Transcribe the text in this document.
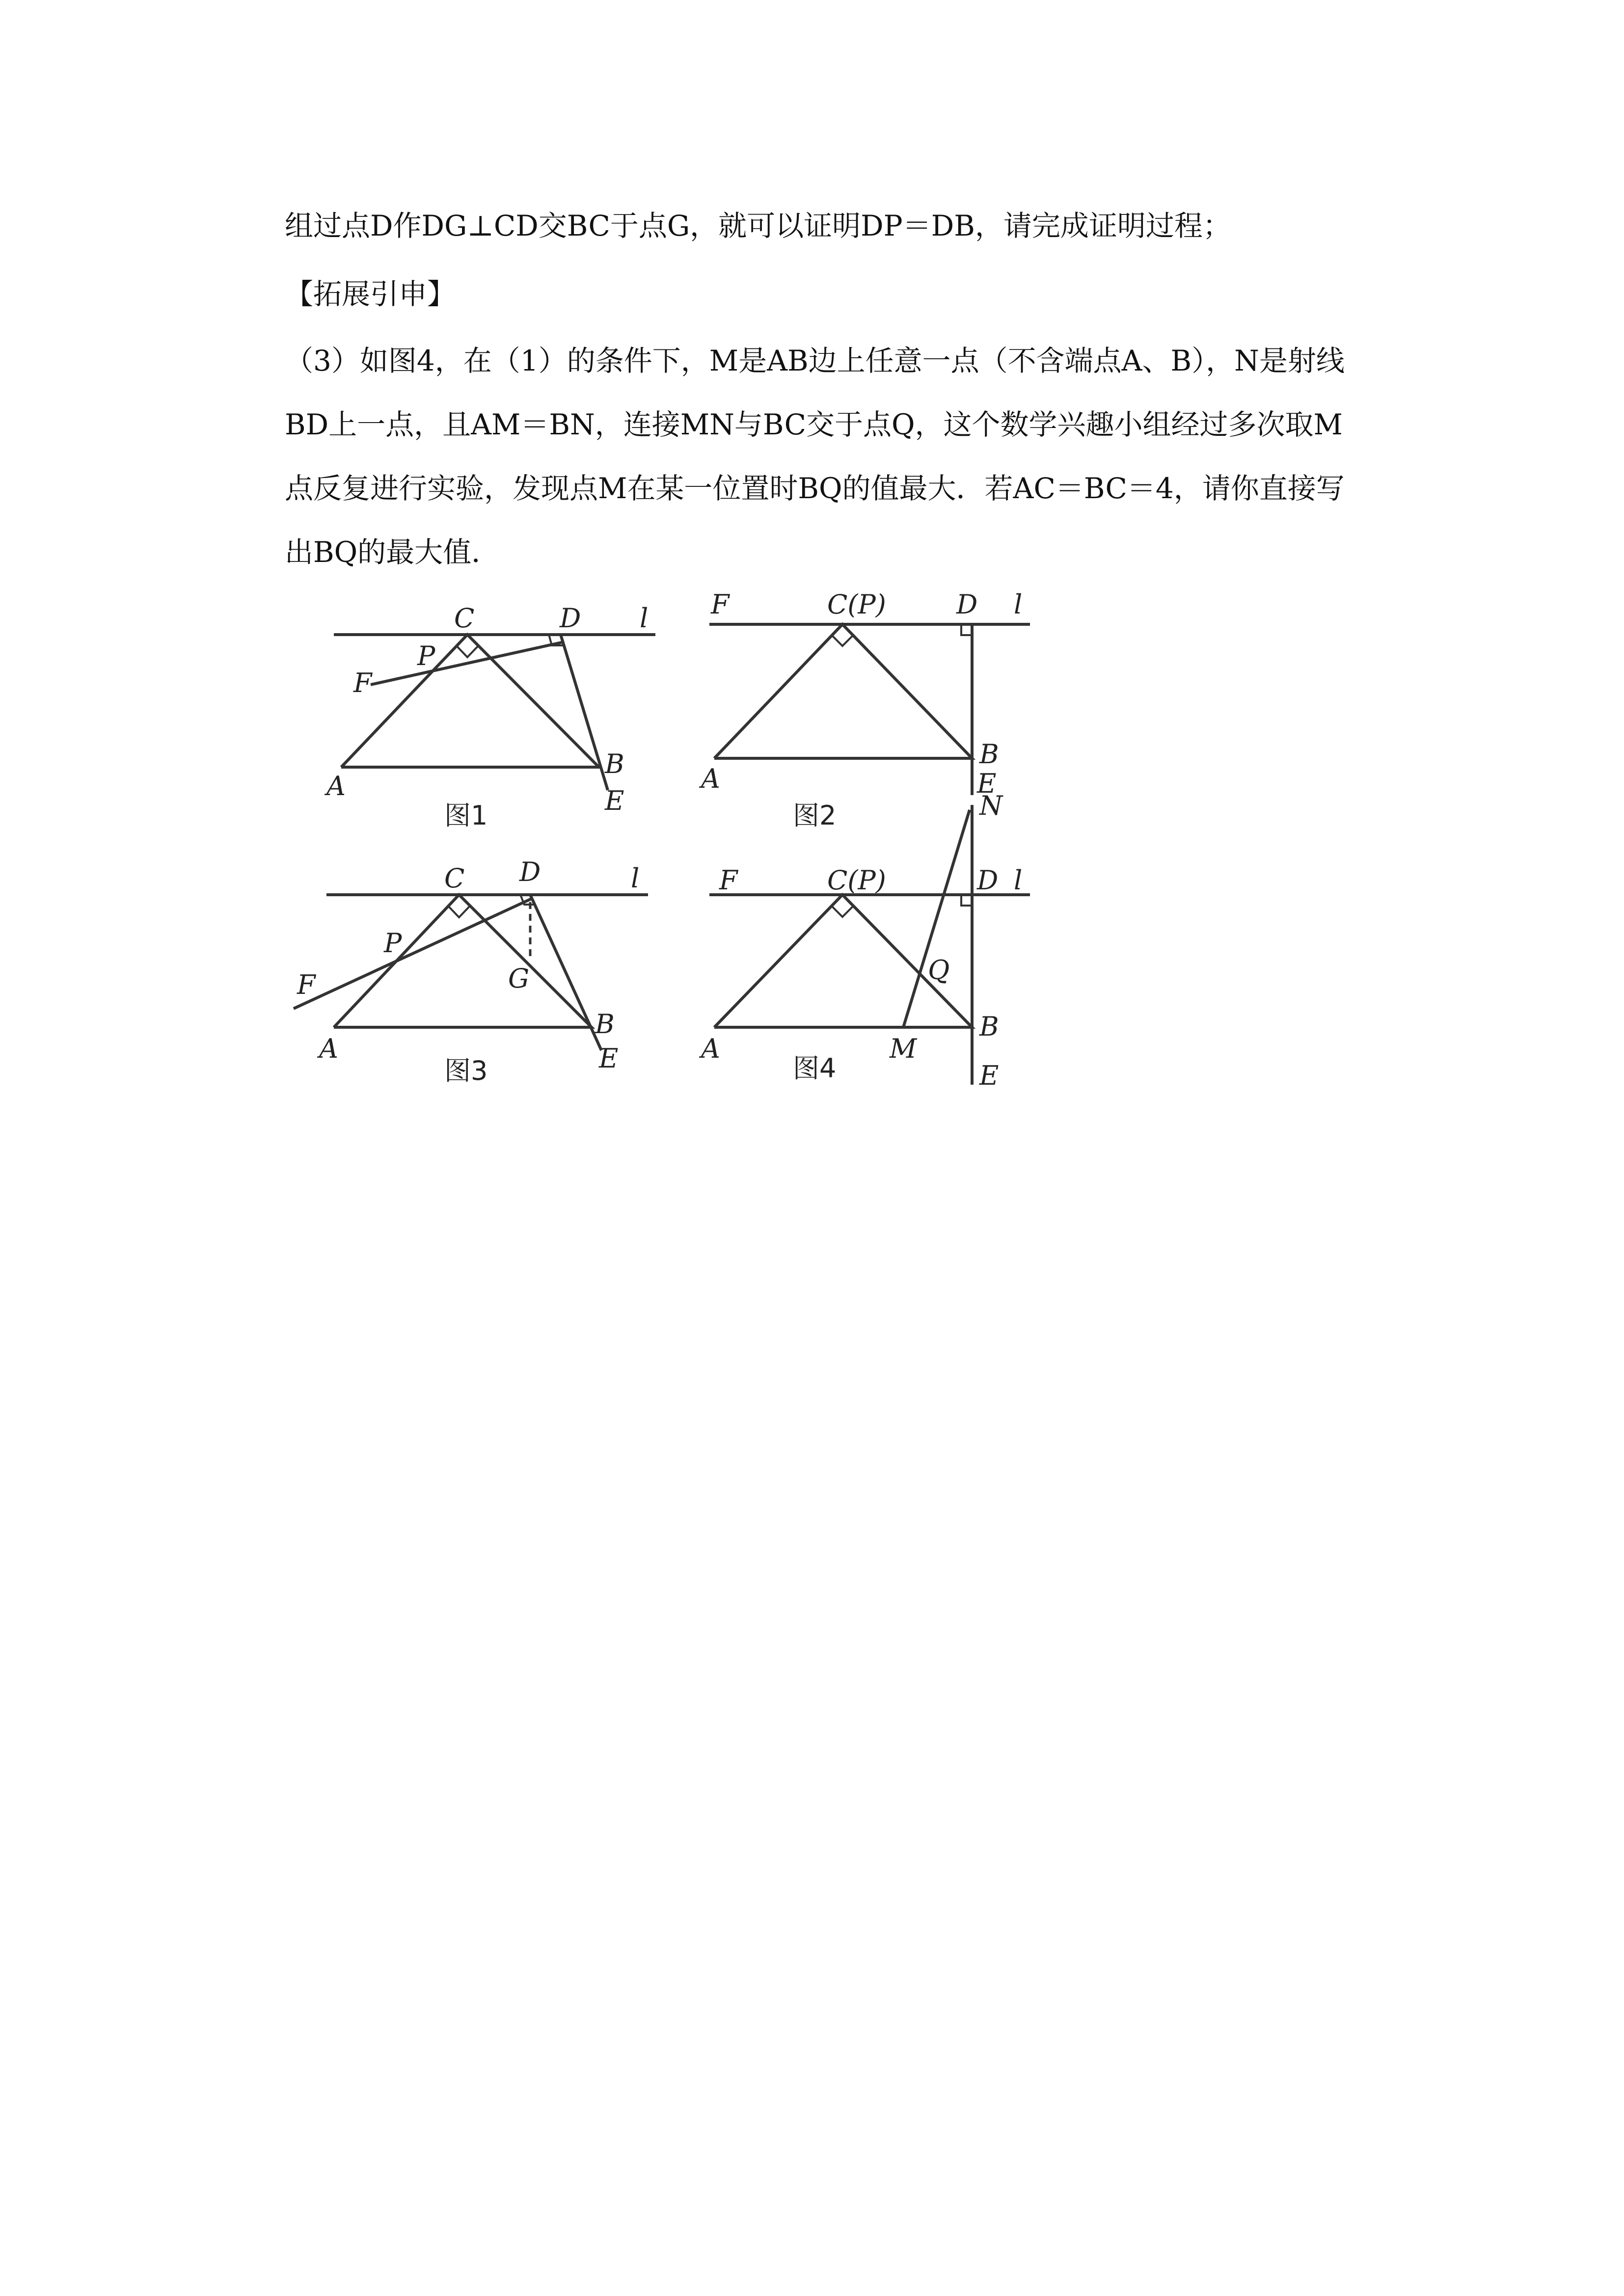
组过点D作DG⊥CD交BC于点G，就可以证明DP＝DB，请完成证明过程；
【拓展引申】
（3）如图4，在（1）的条件下，M是AB边上任意一点（不含端点A、B），N是射线
BD上一点，且AM＝BN，连接MN与BC交于点Q，这个数学兴趣小组经过多次取M
点反复进行实验，发现点M在某一位置时BQ的值最大．若AC＝BC＝4，请你直接写
出BQ的最大值．
C	D l
P
F
A
B
E
图1
F	C(P)	D l
A
B
E
图2
C D	l
P
G
F
A
B
E
图3
N
F	C(P)	D l
Q
A	M
B
E
图4
